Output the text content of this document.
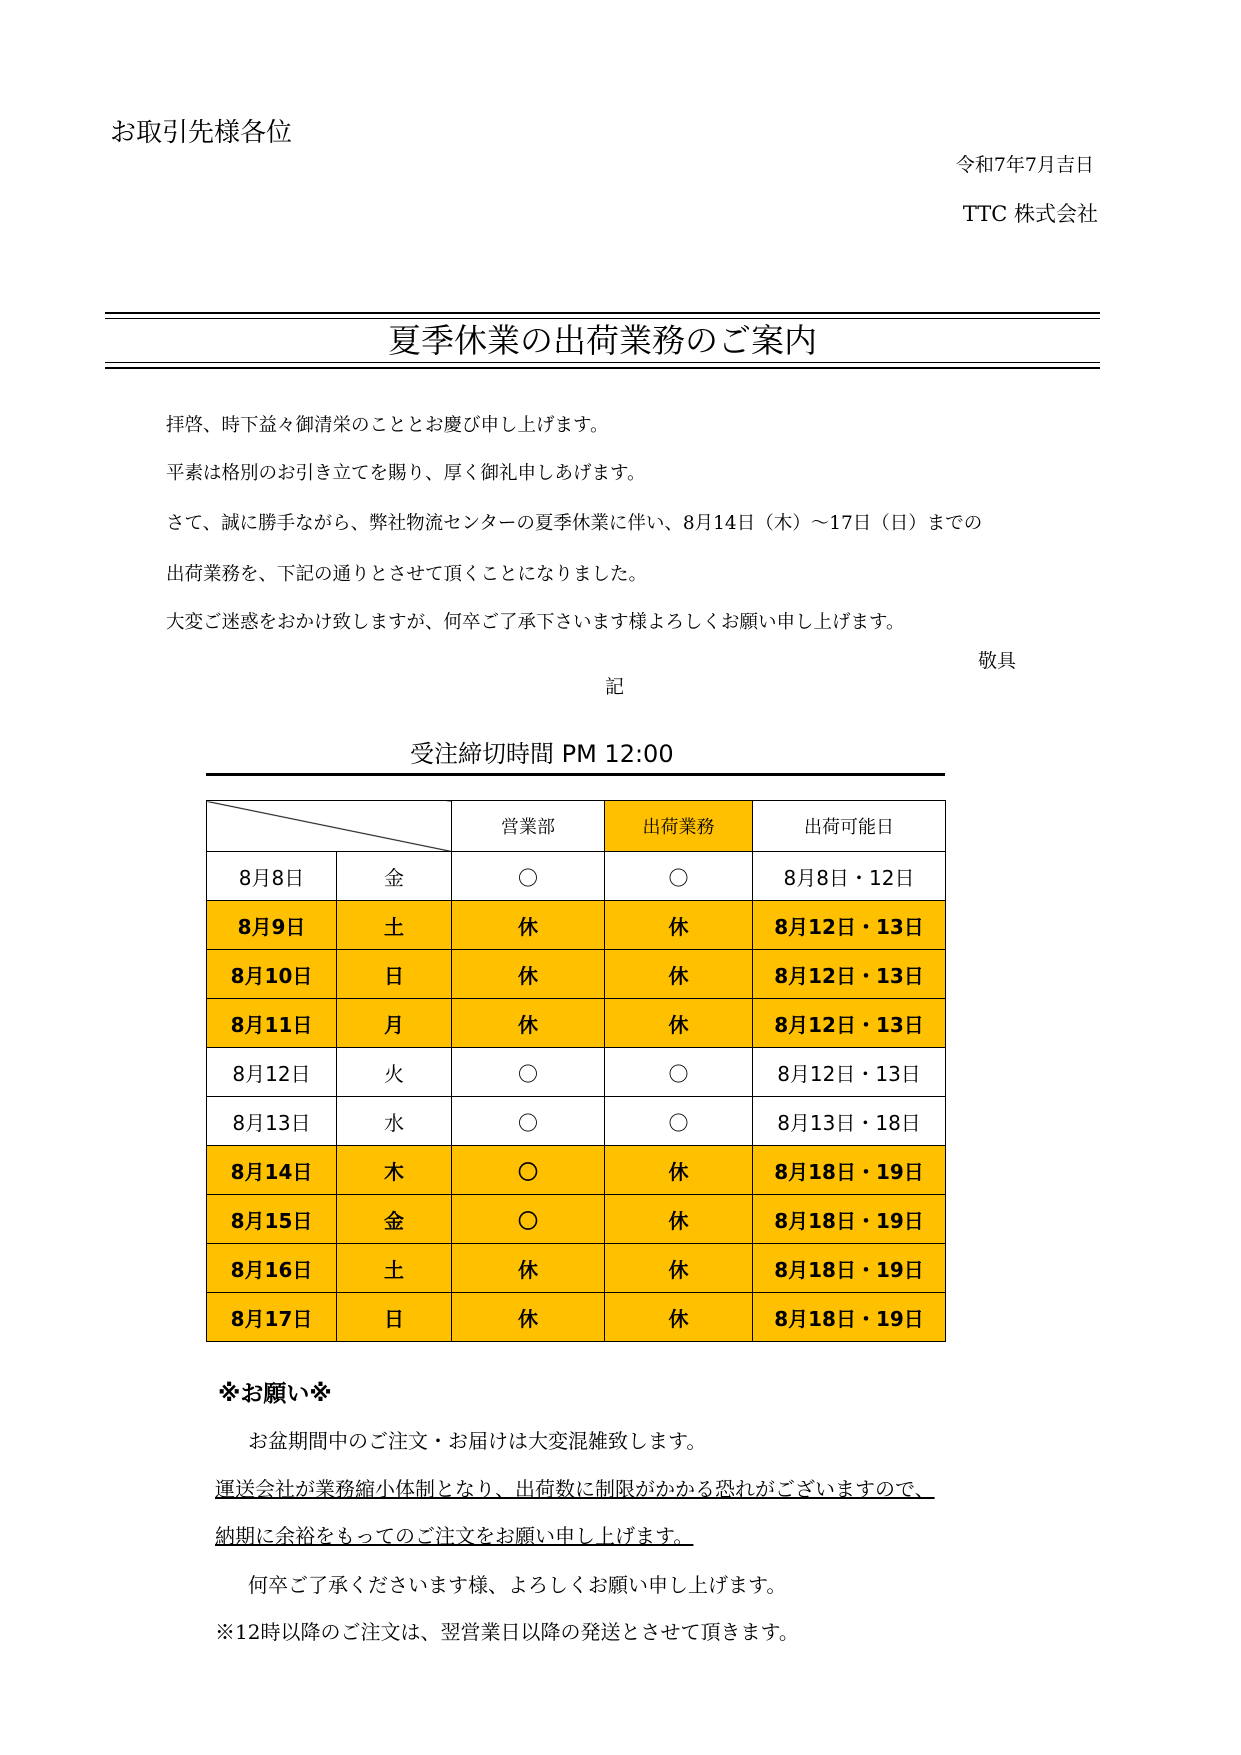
お取引先様各位
令和7年7月吉日
TTC 株式会社
夏季休業の出荷業務のご案内
拝啓、時下益々御清栄のこととお慶び申し上げます。
平素は格別のお引き立てを賜り、厚く御礼申しあげます。
さて、誠に勝手ながら、弊社物流センターの夏季休業に伴い、8月14日（木）～17日（日）までの
出荷業務を、下記の通りとさせて頂くことになりました。
大変ご迷惑をおかけ致しますが、何卒ご了承下さいます様よろしくお願い申し上げます。
敬具
記
受注締切時間 PM 12:00
		営業部	出荷業務	出荷可能日
8月8日	金	〇	〇	8月8日・12日
8月9日	土	休	休	8月12日・13日
8月10日	日	休	休	8月12日・13日
8月11日	月	休	休	8月12日・13日
8月12日	火	〇	〇	8月12日・13日
8月13日	水	〇	〇	8月13日・18日
8月14日	木	〇	休	8月18日・19日
8月15日	金	〇	休	8月18日・19日
8月16日	土	休	休	8月18日・19日
8月17日	日	休	休	8月18日・19日
※お願い※
お盆期間中のご注文・お届けは大変混雑致します。
運送会社が業務縮小体制となり、出荷数に制限がかかる恐れがございますので、
納期に余裕をもってのご注文をお願い申し上げます。
何卒ご了承くださいます様、よろしくお願い申し上げます。
※12時以降のご注文は、翌営業日以降の発送とさせて頂きます。
